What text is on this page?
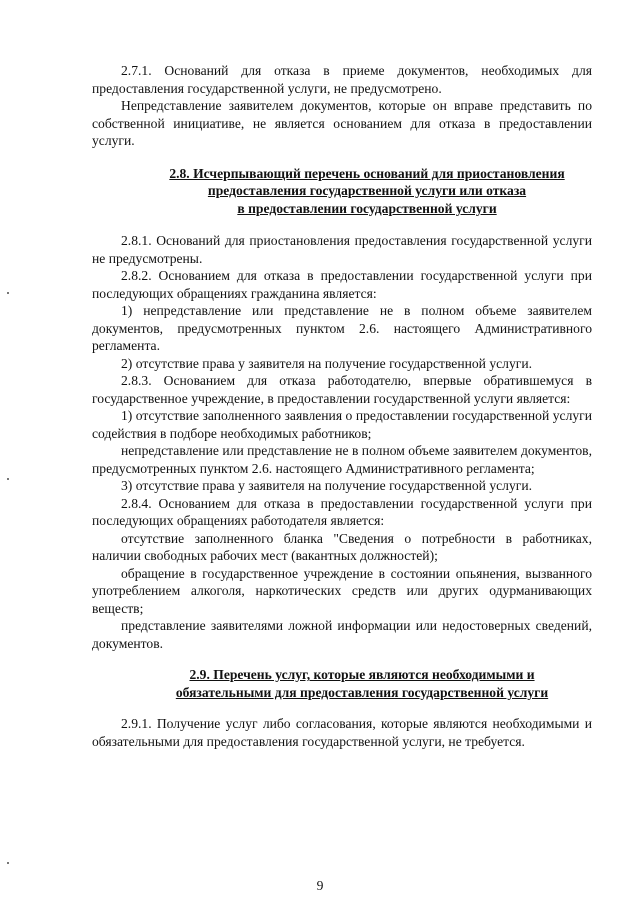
2.7.1. Оснований для отказа в приеме документов, необходимых для предоставления государственной услуги, не предусмотрено.

Непредставление заявителем документов, которые он вправе представить по собственной инициативе, не является основанием для отказа в предоставлении услуги.

2.8. Исчерпывающий перечень оснований для приостановления
предоставления государственной услуги или отказа
в предоставлении государственной услуги

2.8.1. Оснований для приостановления предоставления государственной услуги не предусмотрены.

2.8.2. Основанием для отказа в предоставлении государственной услуги при последующих обращениях гражданина является:

1) непредставление или представление не в полном объеме заявителем документов, предусмотренных пунктом 2.6. настоящего Административного регламента.

2) отсутствие права у заявителя на получение государственной услуги.

2.8.3. Основанием для отказа работодателю, впервые обратившемуся в государственное учреждение, в предоставлении государственной услуги является:

1) отсутствие заполненного заявления о предоставлении государственной услуги содействия в подборе необходимых работников;

непредставление или представление не в полном объеме заявителем документов, предусмотренных пунктом 2.6. настоящего Административного регламента;

3) отсутствие права у заявителя на получение государственной услуги.

2.8.4. Основанием для отказа в предоставлении государственной услуги при последующих обращениях работодателя является:

отсутствие заполненного бланка "Сведения о потребности в работниках, наличии свободных рабочих мест (вакантных должностей);

обращение в государственное учреждение в состоянии опьянения, вызванного употреблением алкоголя, наркотических средств или других одурманивающих веществ;

представление заявителями ложной информации или недостоверных сведений, документов.

2.9. Перечень услуг, которые являются необходимыми и
обязательными для предоставления государственной услуги

2.9.1. Получение услуг либо согласования, которые являются необходимыми и обязательными для предоставления государственной услуги, не требуется.

9
